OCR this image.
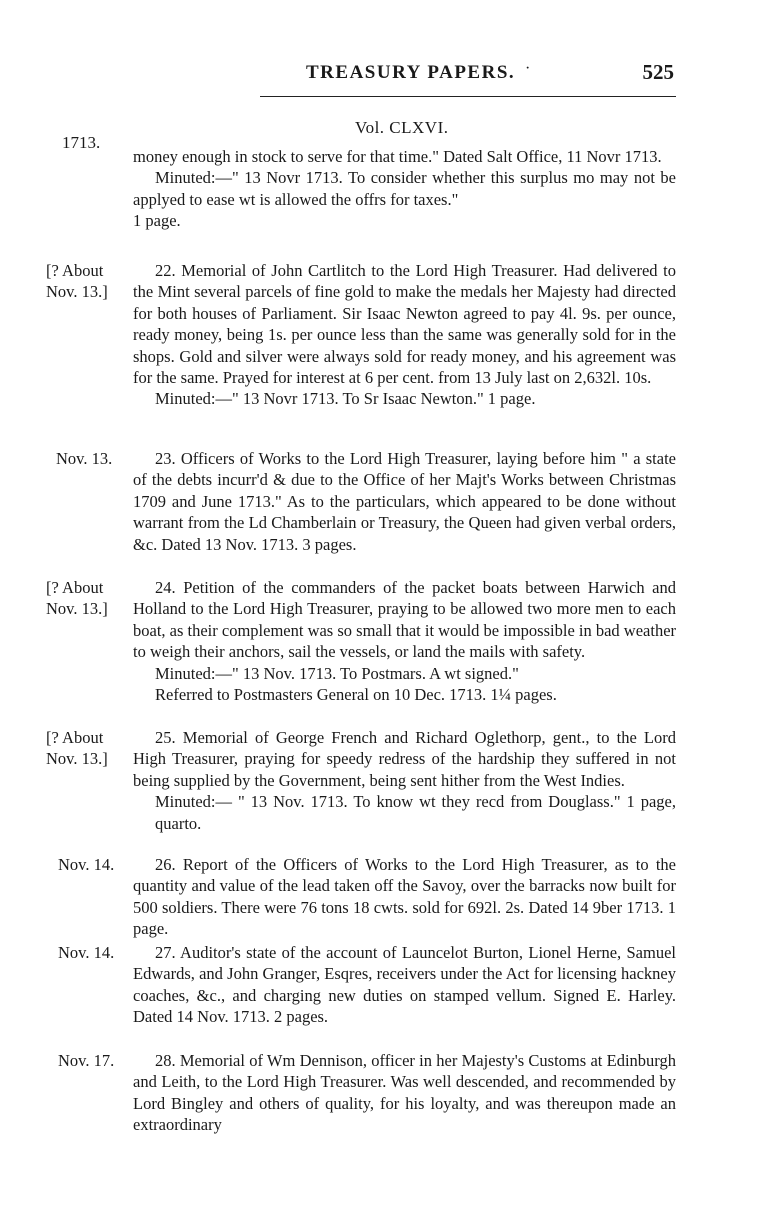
TREASURY PAPERS. ·	525
Vol. CLXVI.
1713.

money enough in stock to serve for that time." Dated Salt Office, 11 Novr 1713.

Minuted:—" 13 Novr 1713. To consider whether this surplus mo may not be applyed to ease wt is allowed the offrs for taxes."

1 page.

[? About Nov. 13.]

22. Memorial of John Cartlitch to the Lord High Treasurer. Had delivered to the Mint several parcels of fine gold to make the medals her Majesty had directed for both houses of Parliament. Sir Isaac Newton agreed to pay 4l. 9s. per ounce, ready money, being 1s. per ounce less than the same was generally sold for in the shops. Gold and silver were always sold for ready money, and his agreement was for the same. Prayed for interest at 6 per cent. from 13 July last on 2,632l. 10s.

Minuted:—" 13 Novr 1713. To Sr Isaac Newton." 1 page.

Nov. 13.	23. Officers of Works to the Lord High Treasurer, laying before him " a state of the debts incurr'd & due to the Office of her Majt's Works between Christmas 1709 and June 1713." As to the particulars, which appeared to be done without warrant from the Ld Chamberlain or Treasury, the Queen had given verbal orders, &c. Dated 13 Nov. 1713. 3 pages.

[? About Nov. 13.]

24. Petition of the commanders of the packet boats between Harwich and Holland to the Lord High Treasurer, praying to be allowed two more men to each boat, as their complement was so small that it would be impossible in bad weather to weigh their anchors, sail the vessels, or land the mails with safety.

Minuted:—" 13 Nov. 1713. To Postmars. A wt signed."

Referred to Postmasters General on 10 Dec. 1713. 1¼ pages.

[? About Nov. 13.]

25. Memorial of George French and Richard Oglethorp, gent., to the Lord High Treasurer, praying for speedy redress of the hardship they suffered in not being supplied by the Government, being sent hither from the West Indies.

Minuted:— " 13 Nov. 1713. To know wt they recd from Douglass." 1 page, quarto.

Nov. 14.	26. Report of the Officers of Works to the Lord High Treasurer, as to the quantity and value of the lead taken off the Savoy, over the barracks now built for 500 soldiers. There were 76 tons 18 cwts. sold for 692l. 2s. Dated 14 9ber 1713. 1 page.

Nov. 14.	27. Auditor's state of the account of Launcelot Burton, Lionel Herne, Samuel Edwards, and John Granger, Esqres, receivers under the Act for licensing hackney coaches, &c., and charging new duties on stamped vellum. Signed E. Harley. Dated 14 Nov. 1713. 2 pages.

Nov. 17.	28. Memorial of Wm Dennison, officer in her Majesty's Customs at Edinburgh and Leith, to the Lord High Treasurer. Was well descended, and recommended by Lord Bingley and others of quality, for his loyalty, and was thereupon made an extraordinary
